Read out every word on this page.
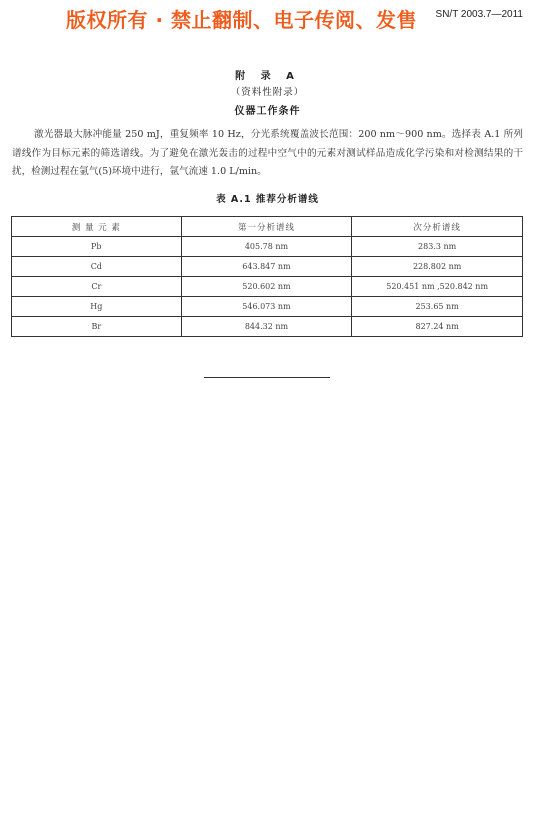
SN/T 2003.7—2011
版权所有 · 禁止翻制、电子传阅、发售
附 录 A
（资料性附录）
仪器工作条件
激光器最大脉冲能量 250 mJ，重复频率 10 Hz，分光系统覆盖波长范围：200 nm～900 nm。选择表 A.1 所列谱线作为目标元素的筛选谱线。为了避免在激光轰击的过程中空气中的元素对测试样品造成化学污染和对检测结果的干扰，检测过程在氩气(5)环境中进行，氩气流速 1.0 L/min。
表 A.1 推荐分析谱线
测 量 元 素	第一分析谱线	次分析谱线
Pb	405.78 nm	283.3 nm
Cd	643.847 nm	228.802 nm
Cr	520.602 nm	520.451 nm ,520.842 nm
Hg	546.073 nm	253.65 nm
Br	844.32 nm	827.24 nm
